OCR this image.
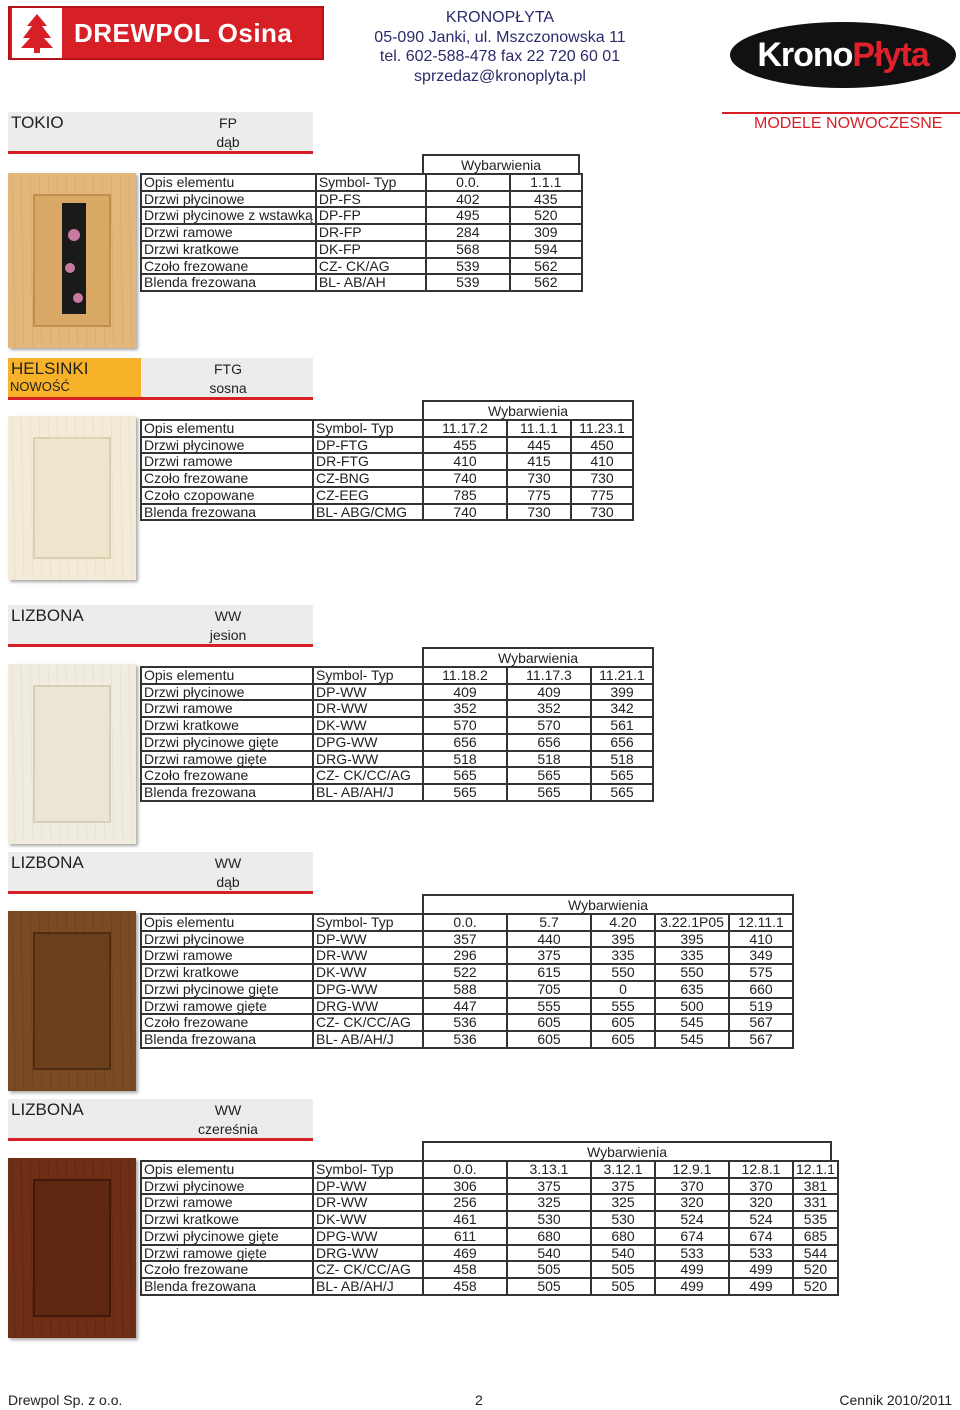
DREWPOL Osina	KRONOPŁYTA
05-090 Janki, ul. Mszczonowska 11
tel. 602-588-478 fax 22 720 60 01
sprzedaz@kronoplyta.pl
Krono Płyta
MODELE NOWOCZESNE
TOKIO	FP
dąb
Wybarwienia
Opis elementu	Symbol- Typ	0.0.	1.1.1
Drzwi płycinowe	DP-FS	402	435
Drzwi płycinowe z wstawką	DP-FP	495	520
Drzwi ramowe	DR-FP	284	309
Drzwi kratkowe	DK-FP	568	594
Czoło frezowane	CZ- CK/AG	539	562
Blenda frezowana	BL- AB/AH	539	562
HELSINKI
NOWOŚĆ
FTG
sosna
Wybarwienia
Opis elementu	Symbol- Typ	11.17.2	11.1.1	11.23.1
Drzwi płycinowe	DP-FTG	455	445	450
Drzwi ramowe	DR-FTG	410	415	410
Czoło frezowane	CZ-BNG	740	730	730
Czoło czopowane	CZ-EEG	785	775	775
Blenda frezowana	BL- ABG/CMG	740	730	730
LIZBONA	WW
jesion
Wybarwienia
Opis elementu	Symbol- Typ	11.18.2	11.17.3	11.21.1
Drzwi płycinowe	DP-WW	409	409	399
Drzwi ramowe	DR-WW	352	352	342
Drzwi kratkowe	DK-WW	570	570	561
Drzwi płycinowe gięte	DPG-WW	656	656	656
Drzwi ramowe gięte	DRG-WW	518	518	518
Czoło frezowane	CZ- CK/CC/AG	565	565	565
Blenda frezowana	BL- AB/AH/J	565	565	565
LIZBONA	WW
dąb
Wybarwienia
Opis elementu	Symbol- Typ	0.0.	5.7	4.20	3.22.1P05	12.11.1
Drzwi płycinowe	DP-WW	357	440	395	395	410
Drzwi ramowe	DR-WW	296	375	335	335	349
Drzwi kratkowe	DK-WW	522	615	550	550	575
Drzwi płycinowe gięte	DPG-WW	588	705	0	635	660
Drzwi ramowe gięte	DRG-WW	447	555	555	500	519
Czoło frezowane	CZ- CK/CC/AG	536	605	605	545	567
Blenda frezowana	BL- AB/AH/J	536	605	605	545	567
LIZBONA	WW
czereśnia
Wybarwienia
Opis elementu	Symbol- Typ	0.0.	3.13.1	3.12.1	12.9.1	12.8.1	12.1.1
Drzwi płycinowe	DP-WW	306	375	375	370	370	381
Drzwi ramowe	DR-WW	256	325	325	320	320	331
Drzwi kratkowe	DK-WW	461	530	530	524	524	535
Drzwi płycinowe gięte	DPG-WW	611	680	680	674	674	685
Drzwi ramowe gięte	DRG-WW	469	540	540	533	533	544
Czoło frezowane	CZ- CK/CC/AG	458	505	505	499	499	520
Blenda frezowana	BL- AB/AH/J	458	505	505	499	499	520
Drewpol Sp. z o.o.	2	Cennik 2010/2011
